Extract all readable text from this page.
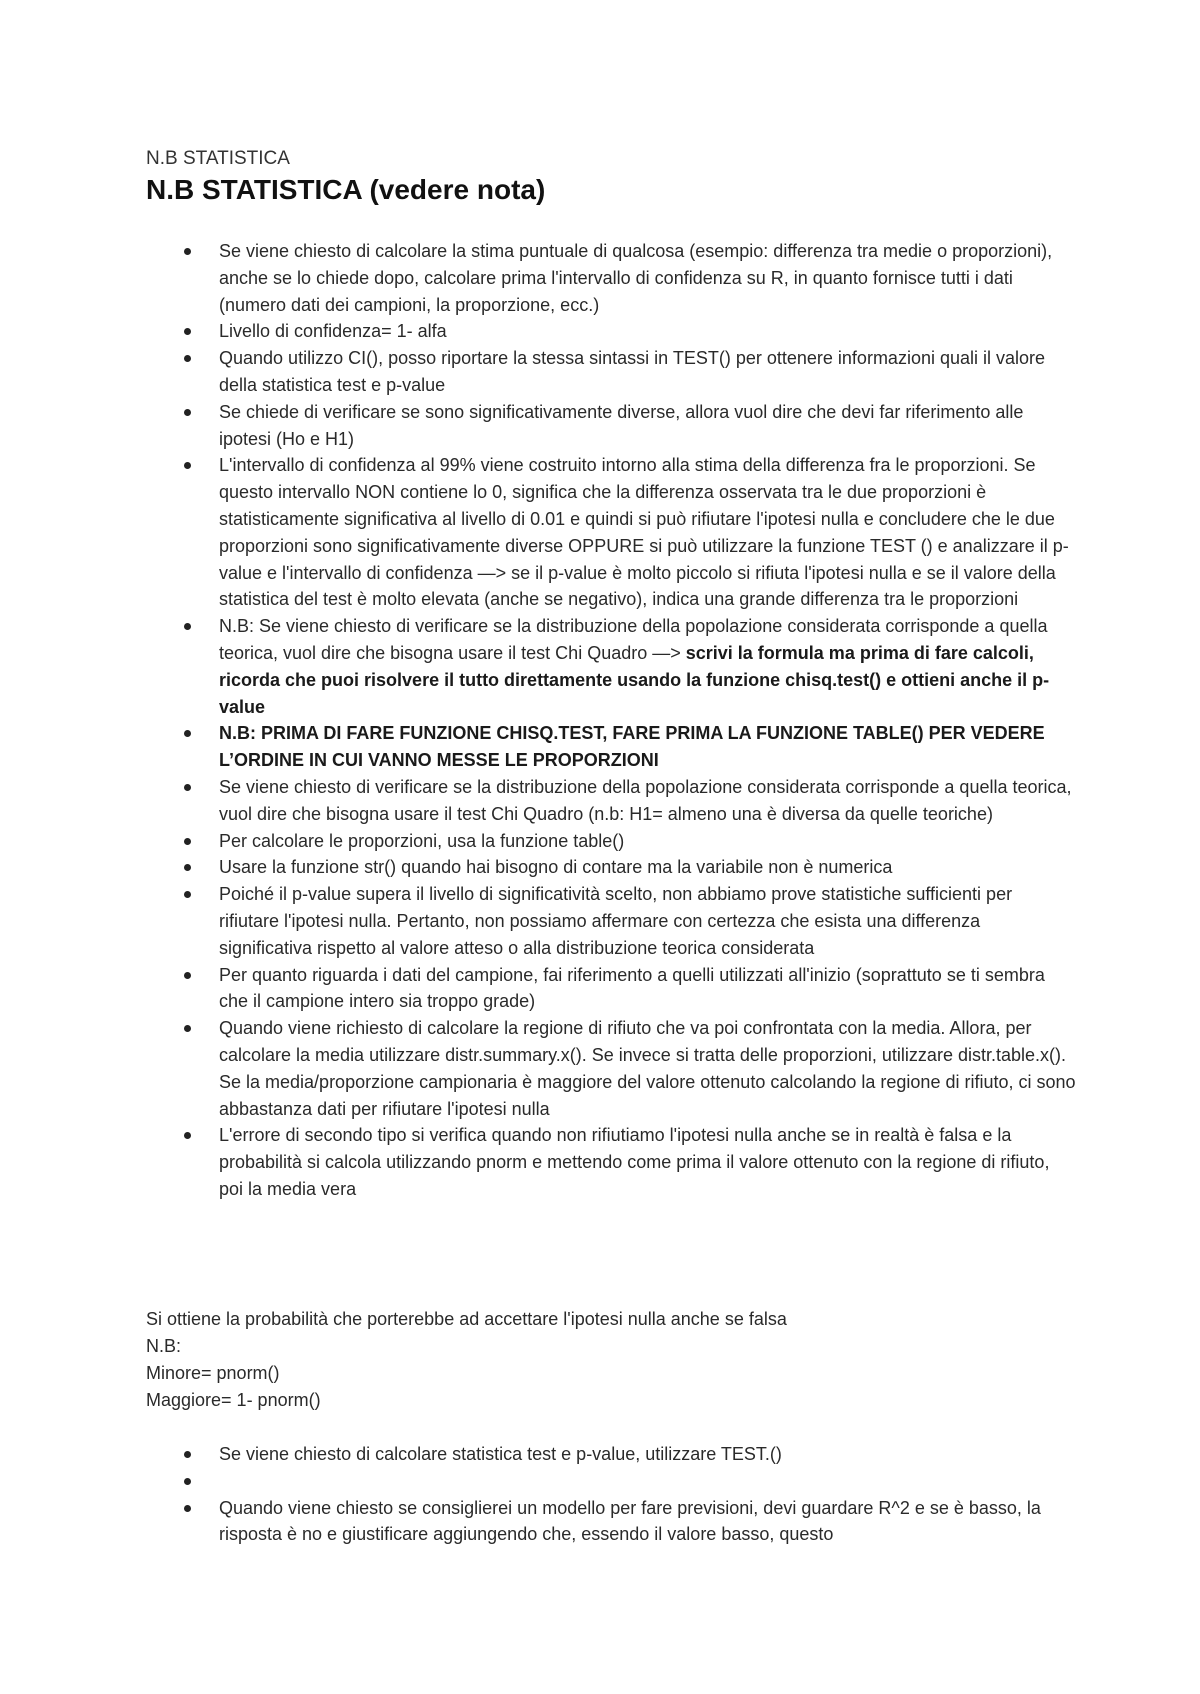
N.B STATISTICA

N.B STATISTICA (vedere nota)
Se viene chiesto di calcolare la stima puntuale di qualcosa (esempio: differenza tra medie o proporzioni), anche se lo chiede dopo, calcolare prima l'intervallo di confidenza su R, in quanto fornisce tutti i dati (numero dati dei campioni, la proporzione, ecc.)
Livello di confidenza= 1- alfa
Quando utilizzo CI(), posso riportare la stessa sintassi in TEST() per ottenere informazioni quali il valore della statistica test e p-value
Se chiede di verificare se sono significativamente diverse, allora vuol dire che devi far riferimento alle ipotesi (Ho e H1)
L'intervallo di confidenza al 99% viene costruito intorno alla stima della differenza fra le proporzioni. Se questo intervallo NON contiene lo 0, significa che la differenza osservata tra le due proporzioni è statisticamente significativa al livello di 0.01 e quindi si può rifiutare l'ipotesi nulla e concludere che le due proporzioni sono significativamente diverse OPPURE si può utilizzare la funzione TEST () e analizzare il p-value e l'intervallo di confidenza —> se il p-value è molto piccolo si rifiuta l'ipotesi nulla e se il valore della statistica del test è molto elevata (anche se negativo), indica una grande differenza tra le proporzioni
N.B: Se viene chiesto di verificare se la distribuzione della popolazione considerata corrisponde a quella teorica, vuol dire che bisogna usare il test Chi Quadro —> scrivi la formula ma prima di fare calcoli, ricorda che puoi risolvere il tutto direttamente usando la funzione chisq.test() e ottieni anche il p-value
N.B: PRIMA DI FARE FUNZIONE CHISQ.TEST, FARE PRIMA LA FUNZIONE TABLE() PER VEDERE L’ORDINE IN CUI VANNO MESSE LE PROPORZIONI
Se viene chiesto di verificare se la distribuzione della popolazione considerata corrisponde a quella teorica, vuol dire che bisogna usare il test Chi Quadro (n.b: H1= almeno una è diversa da quelle teoriche)
Per calcolare le proporzioni, usa la funzione table()
Usare la funzione str() quando hai bisogno di contare ma la variabile non è numerica
Poiché il p-value supera il livello di significatività scelto, non abbiamo prove statistiche sufficienti per rifiutare l'ipotesi nulla. Pertanto, non possiamo affermare con certezza che esista una differenza significativa rispetto al valore atteso o alla distribuzione teorica considerata
Per quanto riguarda i dati del campione, fai riferimento a quelli utilizzati all'inizio (soprattuto se ti sembra che il campione intero sia troppo grade)
Quando viene richiesto di calcolare la regione di rifiuto che va poi confrontata con la media. Allora, per calcolare la media utilizzare distr.summary.x(). Se invece si tratta delle proporzioni, utilizzare distr.table.x(). Se la media/proporzione campionaria è maggiore del valore ottenuto calcolando la regione di rifiuto, ci sono abbastanza dati per rifiutare l'ipotesi nulla
L'errore di secondo tipo si verifica quando non rifiutiamo l'ipotesi nulla anche se in realtà è falsa e la probabilità si calcola utilizzando pnorm e mettendo come prima il valore ottenuto con la regione di rifiuto, poi la media vera

Si ottiene la probabilità che porterebbe ad accettare l'ipotesi nulla anche se falsa

N.B:

Minore= pnorm()

Maggiore= 1- pnorm()

Se viene chiesto di calcolare statistica test e p-value, utilizzare TEST.()
Quando viene chiesto se consiglierei un modello per fare previsioni, devi guardare R^2 e se è basso, la risposta è no e giustificare aggiungendo che, essendo il valore basso, questo
